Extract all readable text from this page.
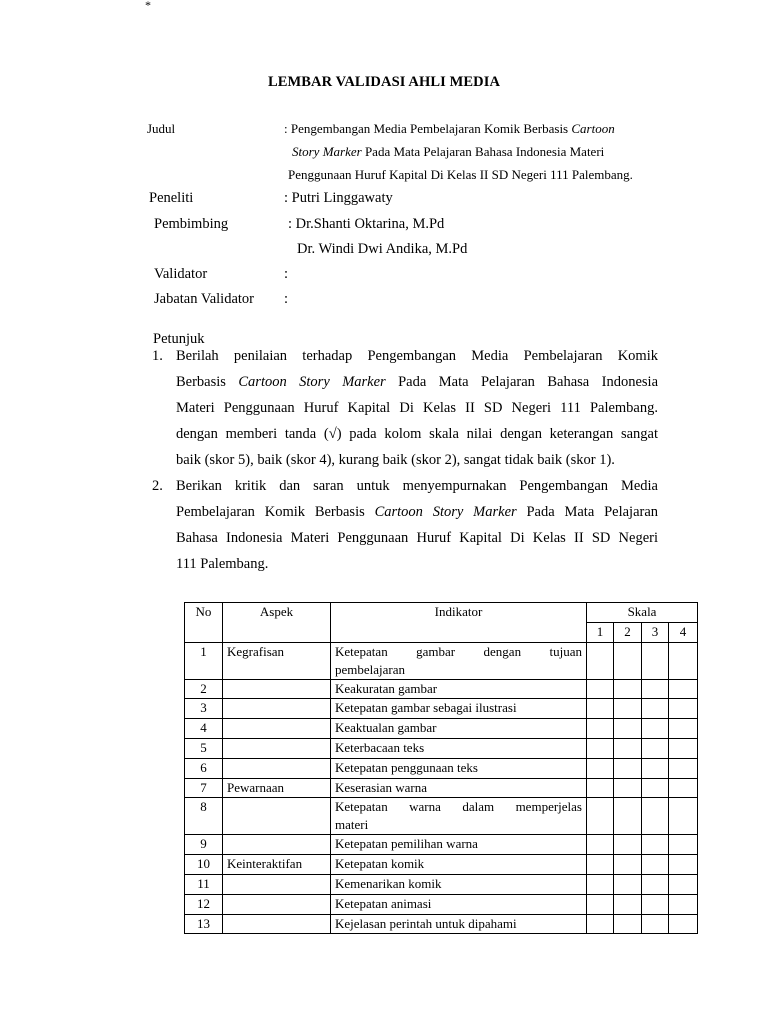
*
LEMBAR VALIDASI AHLI MEDIA
Judul	: Pengembangan Media Pembelajaran Komik Berbasis Cartoon
Story Marker Pada Mata Pelajaran Bahasa Indonesia Materi
Penggunaan Huruf Kapital Di Kelas II SD Negeri 111 Palembang.
Peneliti	: Putri Linggawaty
Pembimbing	: Dr.Shanti Oktarina, M.Pd
Dr. Windi Dwi Andika, M.Pd
Validator	:
Jabatan Validator :
Petunjuk
1. Berilah penilaian terhadap Pengembangan Media Pembelajaran Komik
Berbasis Cartoon Story Marker Pada Mata Pelajaran Bahasa Indonesia
Materi Penggunaan Huruf Kapital Di Kelas II SD Negeri 111 Palembang.
dengan memberi tanda (√) pada kolom skala nilai dengan keterangan sangat
baik (skor 5), baik (skor 4), kurang baik (skor 2), sangat tidak baik (skor 1).
2. Berikan kritik dan saran untuk menyempurnakan Pengembangan Media
Pembelajaran Komik Berbasis Cartoon Story Marker Pada Mata Pelajaran
Bahasa Indonesia Materi Penggunaan Huruf Kapital Di Kelas II SD Negeri
111 Palembang.
No	Aspek	Indikator	Skala			
			1	2	3	4
1	Kegrafisan	Ketepatan gambar dengan tujuan
pembelajaran				

2		Keakuratan gambar				
3		Ketepatan gambar sebagai ilustrasi				
4		Keaktualan gambar				
5		Keterbacaan teks				
6		Ketepatan penggunaan teks				
7	Pewarnaan	Keserasian warna				
8		Ketepatan warna dalam memperjelas
materi				

9		Ketepatan pemilihan warna				
10	Keinteraktifan	Ketepatan komik				
11		Kemenarikan komik				
12		Ketepatan animasi				
13		Kejelasan perintah untuk dipahami				
